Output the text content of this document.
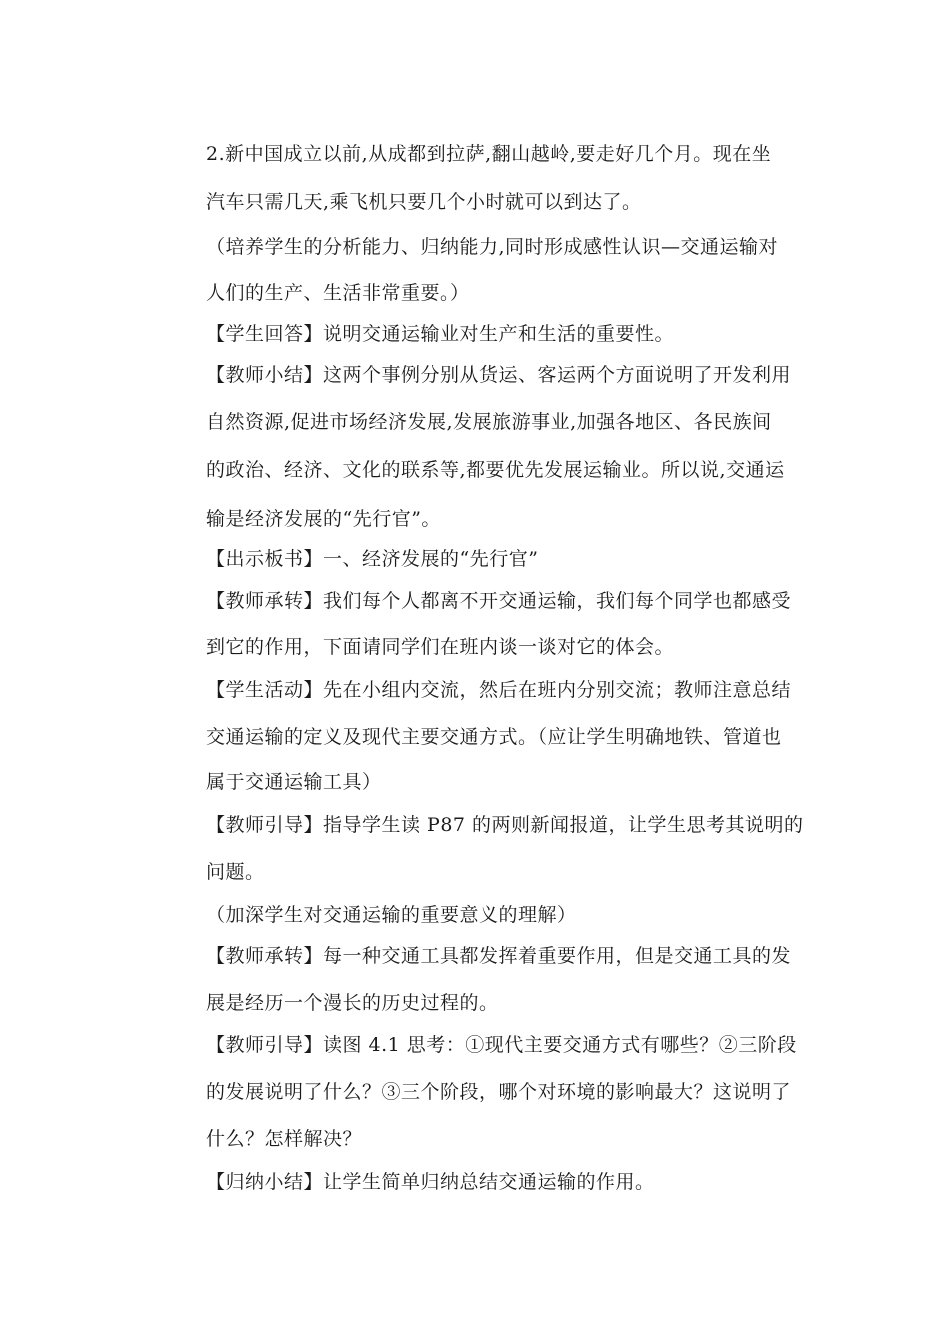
2.新中国成立以前,从成都到拉萨,翻山越岭,要走好几个月。现在坐
汽车只需几天,乘飞机只要几个小时就可以到达了。
（培养学生的分析能力、归纳能力,同时形成感性认识—交通运输对
人们的生产、生活非常重要。）
【学生回答】说明交通运输业对生产和生活的重要性。
【教师小结】这两个事例分别从货运、客运两个方面说明了开发利用
自然资源,促进市场经济发展,发展旅游事业,加强各地区、各民族间
的政治、经济、文化的联系等,都要优先发展运输业。所以说,交通运
输是经济发展的“先行官”。
【出示板书】一、经济发展的“先行官”
【教师承转】我们每个人都离不开交通运输，我们每个同学也都感受
到它的作用，下面请同学们在班内谈一谈对它的体会。
【学生活动】先在小组内交流，然后在班内分别交流；教师注意总结
交通运输的定义及现代主要交通方式。（应让学生明确地铁、管道也
属于交通运输工具）
【教师引导】指导学生读 P87 的两则新闻报道，让学生思考其说明的
问题。
（加深学生对交通运输的重要意义的理解）
【教师承转】每一种交通工具都发挥着重要作用，但是交通工具的发
展是经历一个漫长的历史过程的。
【教师引导】读图 4.1 思考：①现代主要交通方式有哪些？②三阶段
的发展说明了什么？③三个阶段，哪个对环境的影响最大？这说明了
什么？怎样解决？
【归纳小结】让学生简单归纳总结交通运输的作用。
